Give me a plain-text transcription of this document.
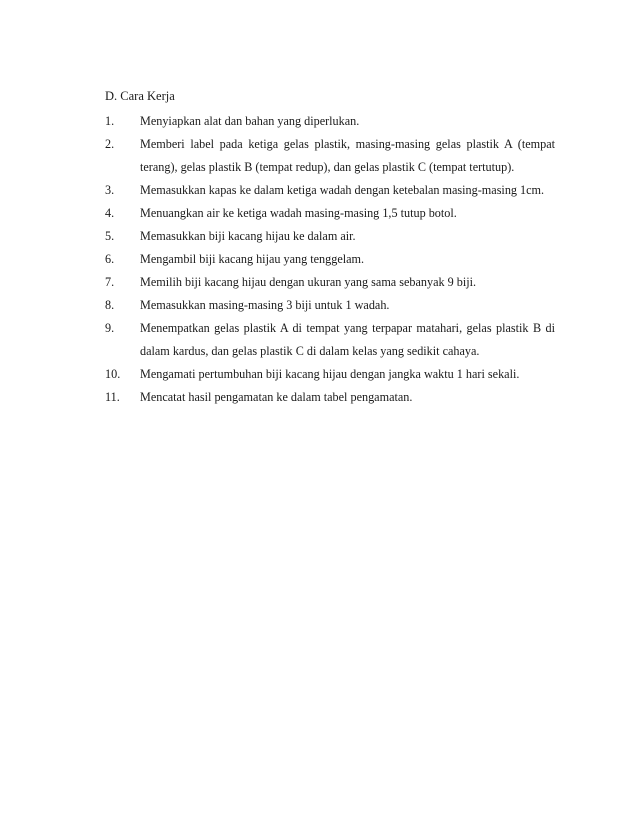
D. Cara Kerja
1.	Menyiapkan alat dan bahan yang diperlukan.
2.	Memberi label pada ketiga gelas plastik, masing-masing gelas plastik A (tempat terang), gelas plastik B (tempat redup), dan gelas plastik C (tempat tertutup).
3.	Memasukkan kapas ke dalam ketiga wadah dengan ketebalan masing-masing 1cm.
4.	Menuangkan air ke ketiga wadah masing-masing 1,5 tutup botol.
5.	Memasukkan biji kacang hijau ke dalam air.
6.	Mengambil biji kacang hijau yang tenggelam.
7.	Memilih biji kacang hijau dengan ukuran yang sama sebanyak 9 biji.
8.	Memasukkan masing-masing 3 biji untuk 1 wadah.
9.	Menempatkan gelas plastik A di tempat yang terpapar matahari, gelas plastik B di dalam kardus, dan gelas plastik C di dalam kelas yang sedikit cahaya.
10.	Mengamati pertumbuhan biji kacang hijau dengan jangka waktu 1 hari sekali.
11.	Mencatat hasil pengamatan ke dalam tabel pengamatan.
